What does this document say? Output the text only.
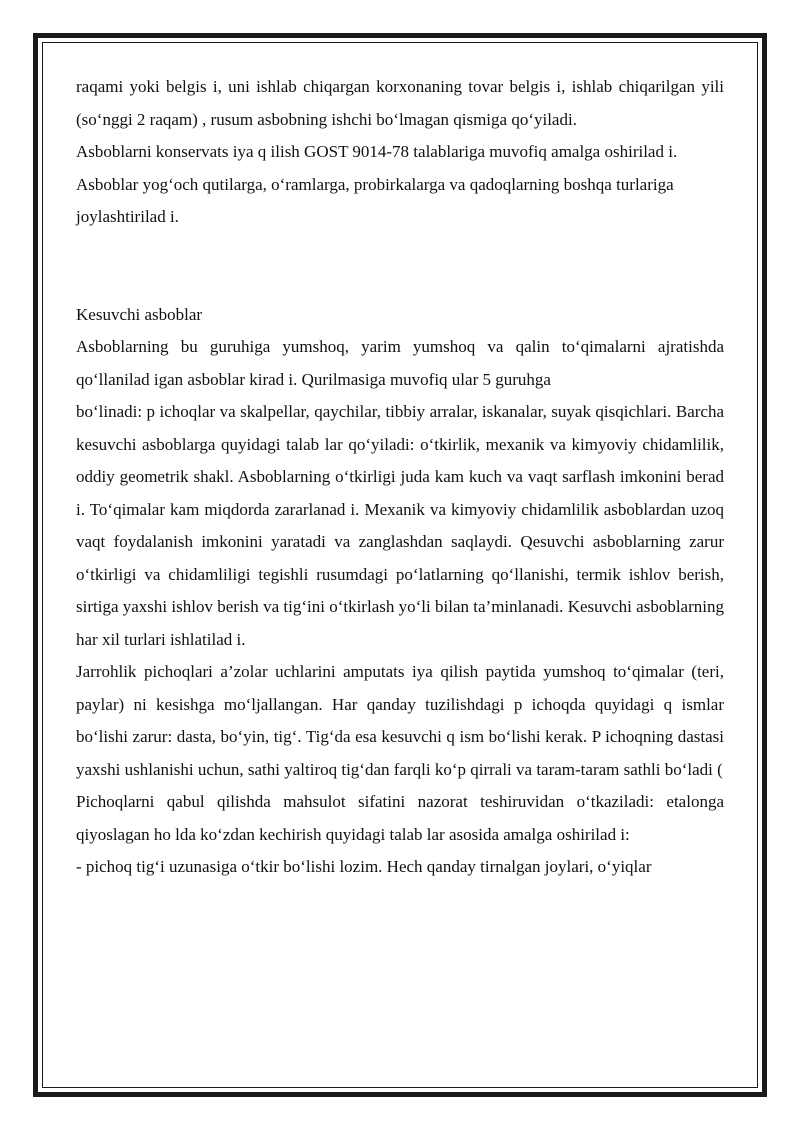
raqami yoki belgis i, uni ishlab chiqargan korxonaning tovar belgis i, ishlab chiqarilgan yili (so‘nggi 2 raqam) , rusum asbobning ishchi bo‘lmagan qismiga qo‘yiladi.

Asboblarni konservats iya q ilish GOST 9014-78 talablariga muvofiq amalga oshirilad i.

Asboblar yog‘och qutilarga, o‘ramlarga, probirkalarga va qadoqlarning boshqa turlariga joylashtirilad i.

Kesuvchi asboblar

Asboblarning bu guruhiga yumshoq, yarim yumshoq va qalin to‘qimalarni ajratishda qo‘llanilad igan asboblar kirad i. Qurilmasiga muvofiq ular 5 guruhga

bo‘linadi: p ichoqlar va skalpellar, qaychilar, tibbiy arralar, iskanalar, suyak qisqichlari. Barcha kesuvchi asboblarga quyidagi talab lar qo‘yiladi: o‘tkirlik, mexanik va kimyoviy chidamlilik, oddiy geometrik shakl. Asboblarning o‘tkirligi juda kam kuch va vaqt sarflash imkonini berad i. To‘qimalar kam miqdorda zararlanad i. Mexanik va kimyoviy chidamlilik asboblardan uzoq vaqt foydalanish imkonini yaratadi va zanglashdan saqlaydi. Qesuvchi asboblarning zarur o‘tkirligi va chidamliligi tegishli rusumdagi po‘latlarning qo‘llanishi, termik ishlov berish, sirtiga yaxshi ishlov berish va tig‘ini o‘tkirlash yo‘li bilan ta’minlanadi. Kesuvchi asboblarning har xil turlari ishlatilad i.

Jarrohlik pichoqlari a’zolar uchlarini amputats iya qilish paytida yumshoq to‘qimalar (teri, paylar) ni kesishga mo‘ljallangan. Har qanday tuzilishdagi p ichoqda quyidagi q ismlar bo‘lishi zarur: dasta, bo‘yin, tig‘. Tig‘da esa kesuvchi q ism bo‘lishi kerak. P ichoqning dastasi yaxshi ushlanishi uchun, sathi yaltiroq tig‘dan farqli ko‘p qirrali va taram-taram sathli bo‘ladi (

Pichoqlarni qabul qilishda mahsulot sifatini nazorat teshiruvidan o‘tkaziladi: etalonga qiyoslagan ho lda ko‘zdan kechirish quyidagi talab lar asosida amalga oshirilad i:

- pichoq tig‘i uzunasiga o‘tkir bo‘lishi lozim. Hech qanday tirnalgan joylari, o‘yiqlar
